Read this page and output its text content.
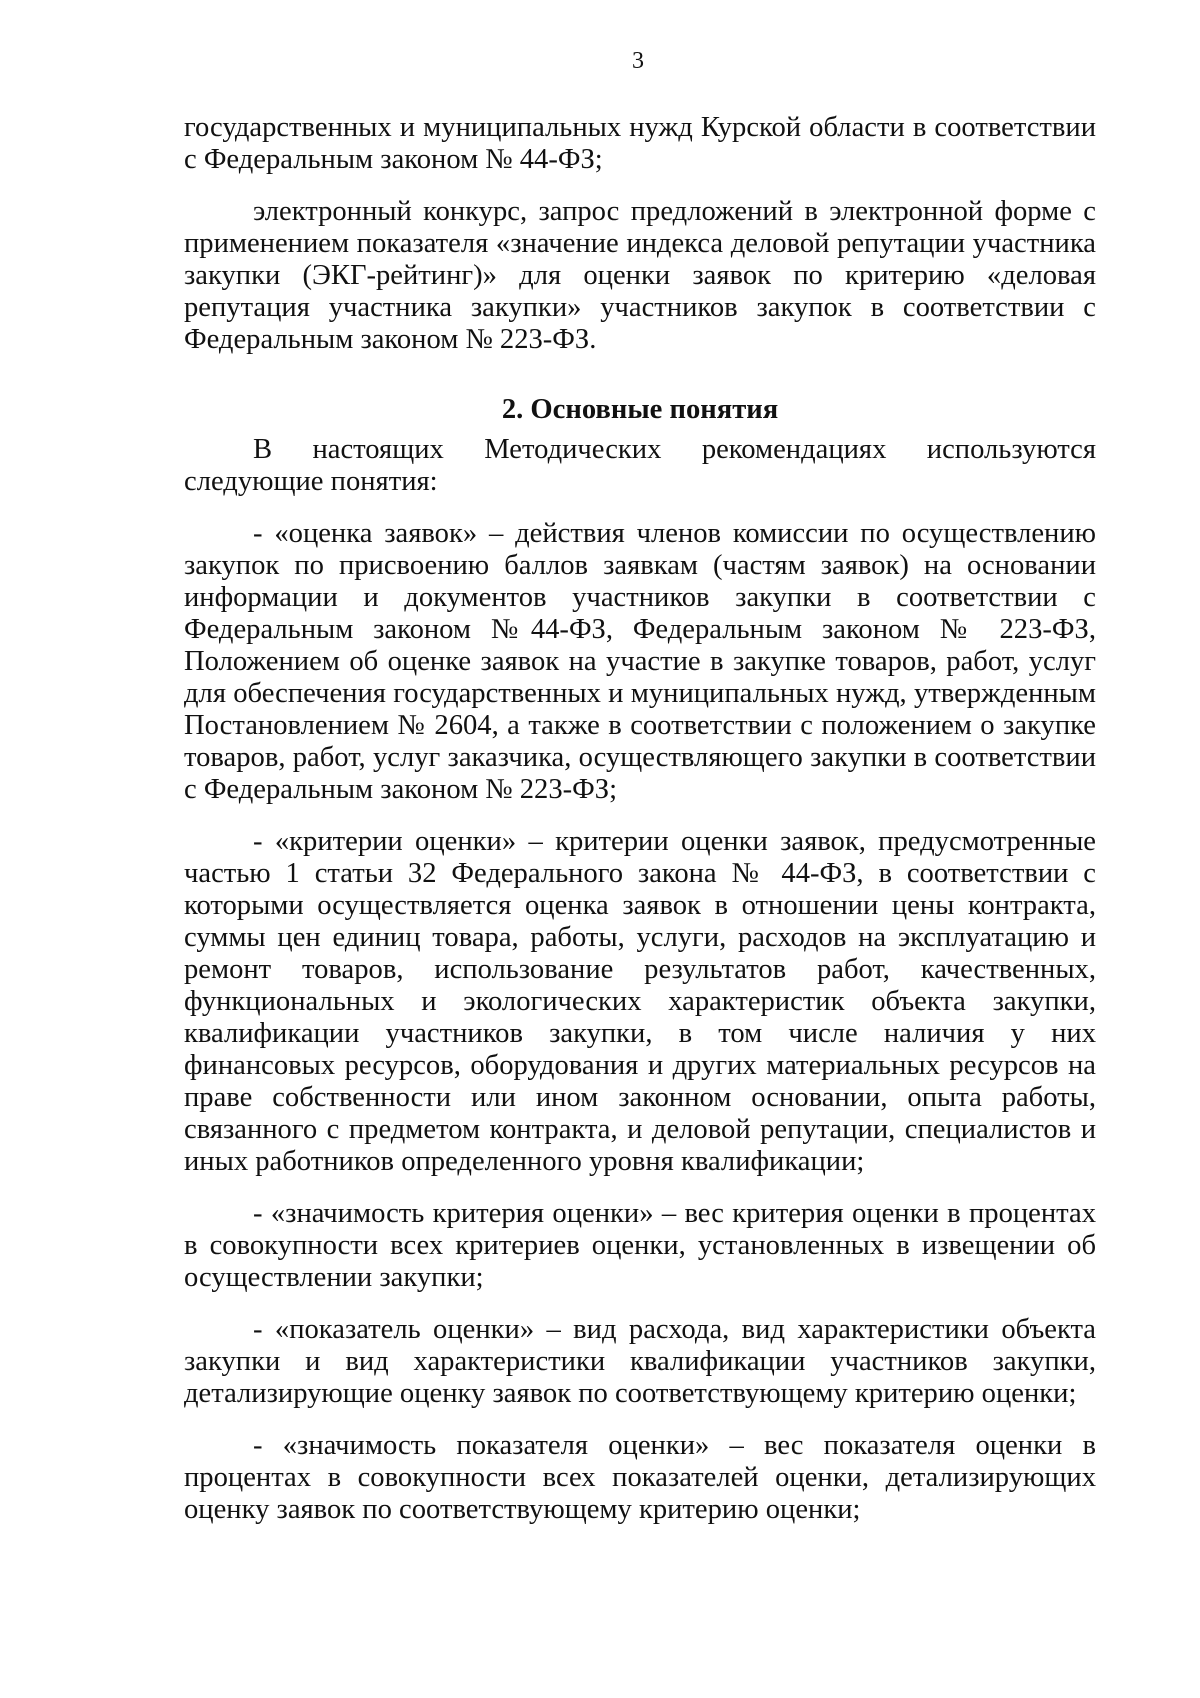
3

государственных и муниципальных нужд Курской области в соответствии с Федеральным законом № 44-ФЗ;

электронный конкурс, запрос предложений в электронной форме с применением показателя «значение индекса деловой репутации участника закупки (ЭКГ-рейтинг)» для оценки заявок по критерию «деловая репутация участника закупки» участников закупок в соответствии с Федеральным законом № 223-ФЗ.

2. Основные понятия

В настоящих Методических рекомендациях используются следующие понятия:

- «оценка заявок» – действия членов комиссии по осуществлению закупок по присвоению баллов заявкам (частям заявок) на основании информации и документов участников закупки в соответствии с Федеральным законом №44-ФЗ, Федеральным законом № 223-ФЗ, Положением об оценке заявок на участие в закупке товаров, работ, услуг для обеспечения государственных и муниципальных нужд, утвержденным Постановлением № 2604, а также в соответствии с положением о закупке товаров, работ, услуг заказчика, осуществляющего закупки в соответствии с Федеральным законом № 223-ФЗ;

- «критерии оценки» – критерии оценки заявок, предусмотренные частью 1 статьи 32 Федерального закона № 44-ФЗ, в соответствии с которыми осуществляется оценка заявок в отношении цены контракта, суммы цен единиц товара, работы, услуги, расходов на эксплуатацию и ремонт товаров, использование результатов работ, качественных, функциональных и экологических характеристик объекта закупки, квалификации участников закупки, в том числе наличия у них финансовых ресурсов, оборудования и других материальных ресурсов на праве собственности или ином законном основании, опыта работы, связанного с предметом контракта, и деловой репутации, специалистов и иных работников определенного уровня квалификации;

- «значимость критерия оценки» – вес критерия оценки в процентах в совокупности всех критериев оценки, установленных в извещении об осуществлении закупки;

- «показатель оценки» – вид расхода, вид характеристики объекта закупки и вид характеристики квалификации участников закупки, детализирующие оценку заявок по соответствующему критерию оценки;

- «значимость показателя оценки» – вес показателя оценки в процентах в совокупности всех показателей оценки, детализирующих оценку заявок по соответствующему критерию оценки;
